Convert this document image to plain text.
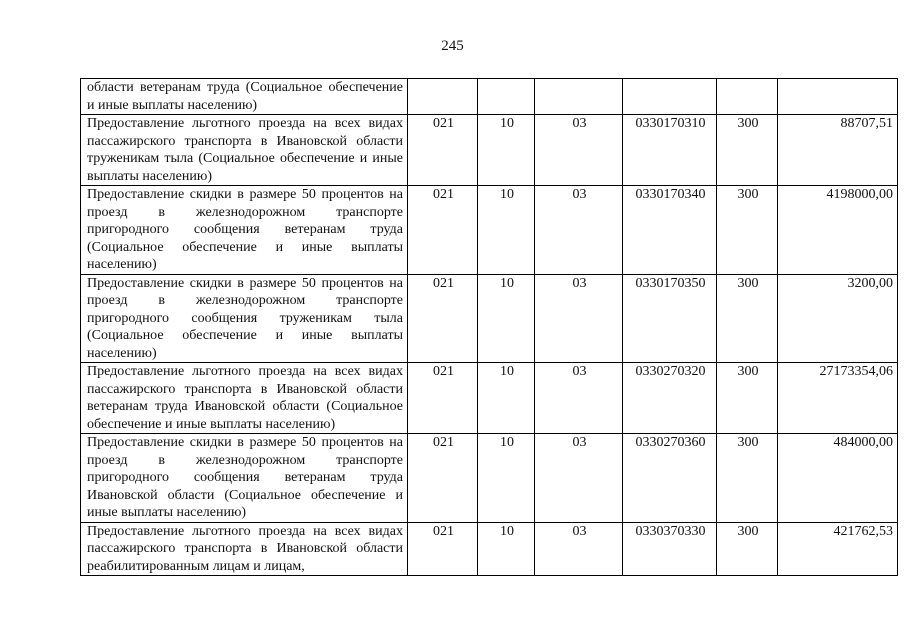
245
области ветеранам труда (Социальное обеспечение и иные выплаты населению)						
Предоставление льготного проезда на всех видах пассажирского транспорта в Ивановской области труженикам тыла (Социальное обеспечение и иные выплаты населению)	021	10	03	0330170310	300	88707,51
Предоставление скидки в размере 50 процентов на проезд в железнодорожном транспорте пригородного сообщения ветеранам труда (Социальное обеспечение и иные выплаты населению)	021	10	03	0330170340	300	4198000,00
Предоставление скидки в размере 50 процентов на проезд в железнодорожном транспорте пригородного сообщения труженикам тыла (Социальное обеспечение и иные выплаты населению)	021	10	03	0330170350	300	3200,00
Предоставление льготного проезда на всех видах пассажирского транспорта в Ивановской области ветеранам труда Ивановской области (Социальное обеспечение и иные выплаты населению)	021	10	03	0330270320	300	27173354,06
Предоставление скидки в размере 50 процентов на проезд в железнодорожном транспорте пригородного сообщения ветеранам труда Ивановской области (Социальное обеспечение и иные выплаты населению)	021	10	03	0330270360	300	484000,00
Предоставление льготного проезда на всех видах пассажирского транспорта в Ивановской области реабилитированным лицам и лицам,	021	10	03	0330370330	300	421762,53
